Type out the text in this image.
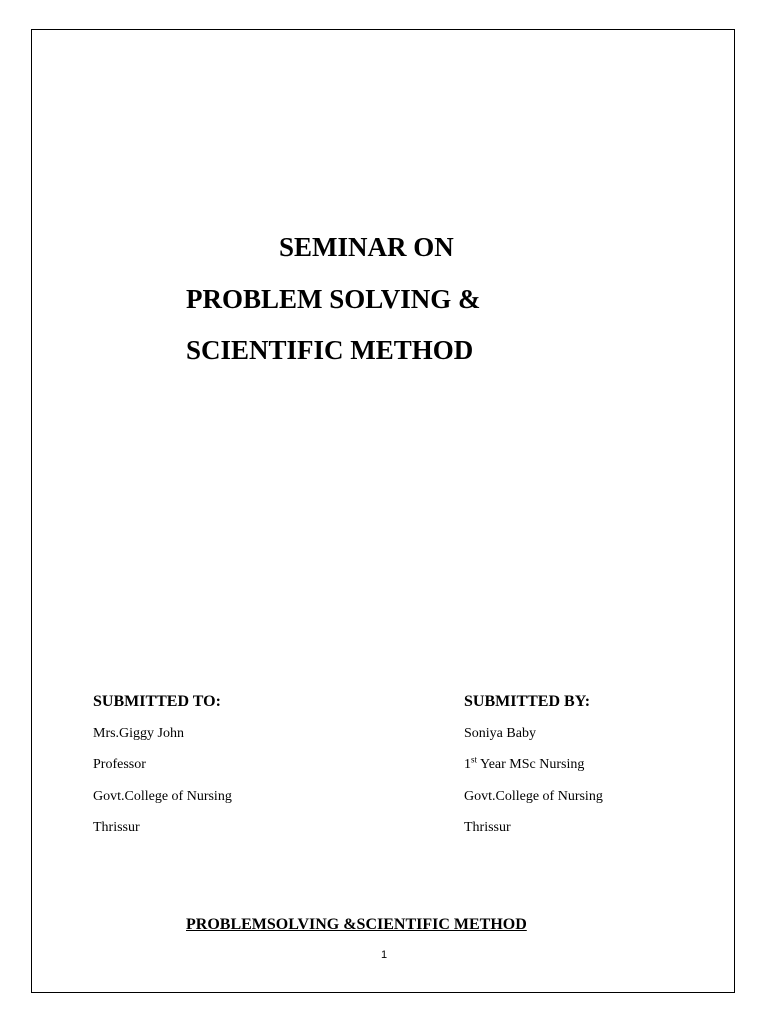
SEMINAR ON
PROBLEM SOLVING &
SCIENTIFIC METHOD
SUBMITTED TO:
Mrs.Giggy John
Professor
Govt.College of Nursing
Thrissur
SUBMITTED BY:
Soniya Baby
1st Year MSc Nursing
Govt.College of Nursing
Thrissur
PROBLEMSOLVING &SCIENTIFIC METHOD
1
